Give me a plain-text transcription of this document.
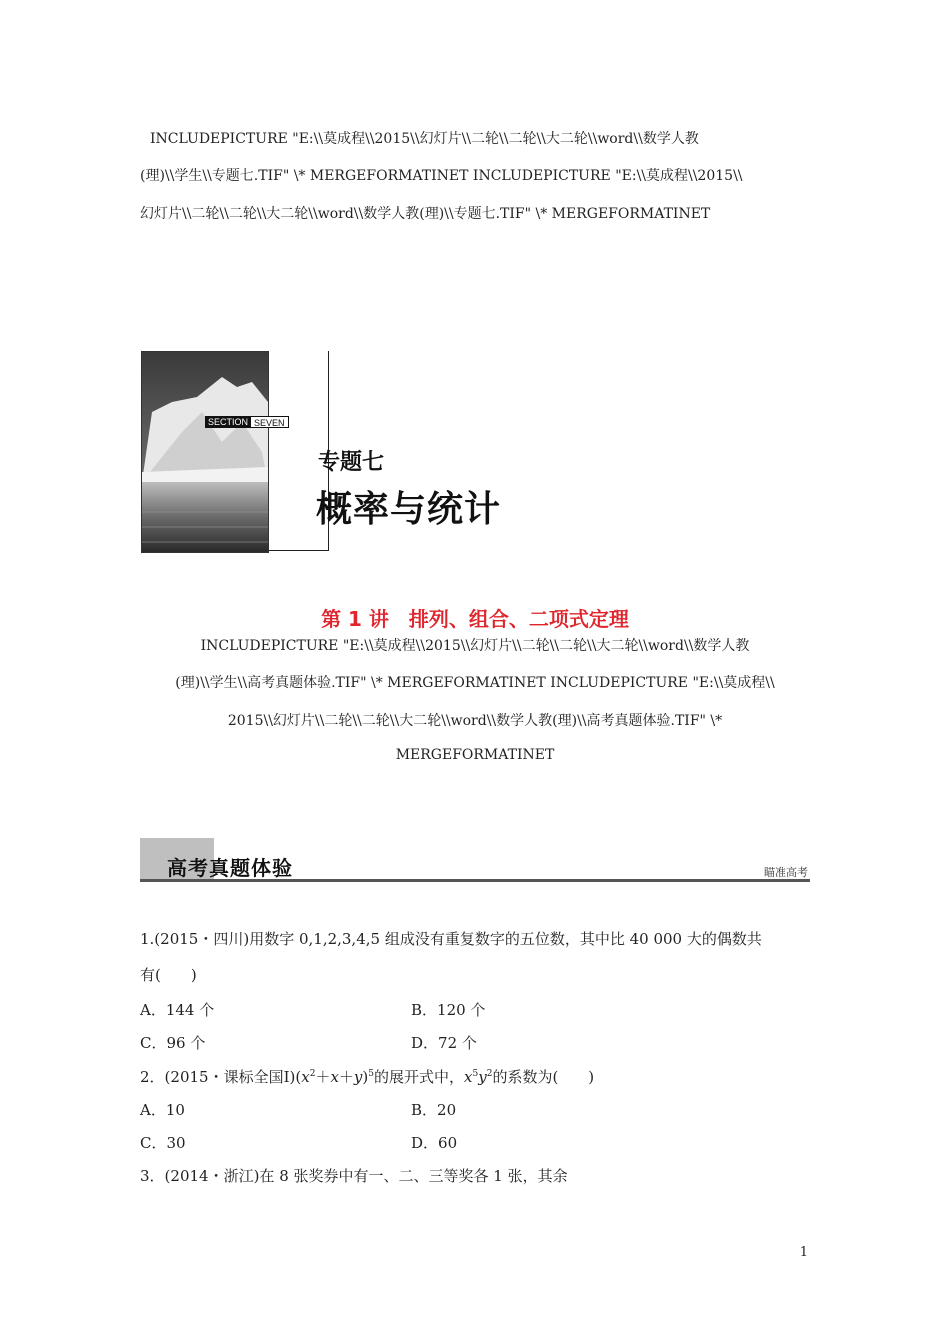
INCLUDEPICTURE "E:\\莫成程\\2015\\幻灯片\\二轮\\二轮\\大二轮\\word\\数学人教
(理)\\学生\\专题七.TIF" \* MERGEFORMATINET INCLUDEPICTURE "E:\\莫成程\\2015\\
幻灯片\\二轮\\二轮\\大二轮\\word\\数学人教(理)\\专题七.TIF" \* MERGEFORMATINET
SECTION SEVEN
专题七
概率与统计
第 1 讲　排列、组合、二项式定理
INCLUDEPICTURE "E:\\莫成程\\2015\\幻灯片\\二轮\\二轮\\大二轮\\word\\数学人教
(理)\\学生\\高考真题体验.TIF" \* MERGEFORMATINET INCLUDEPICTURE "E:\\莫成程\\
2015\\幻灯片\\二轮\\二轮\\大二轮\\word\\数学人教(理)\\高考真题体验.TIF" \*
MERGEFORMATINET
高考真题体验	瞄准高考
1.(2015・四川)用数字 0,1,2,3,4,5 组成没有重复数字的五位数，其中比 40 000 大的偶数共
有(　　)
A．144 个	B．120 个
C．96 个	D．72 个
2．(2015・课标全国$Ⅰ)(x^2+x+y)^5$的展开式中，$x^5y^2$的系数为(　　)
A．10	B．20
C．30	D．60
3．(2014・浙江)在 8 张奖券中有一、二、三等奖各 1 张，其余
1
